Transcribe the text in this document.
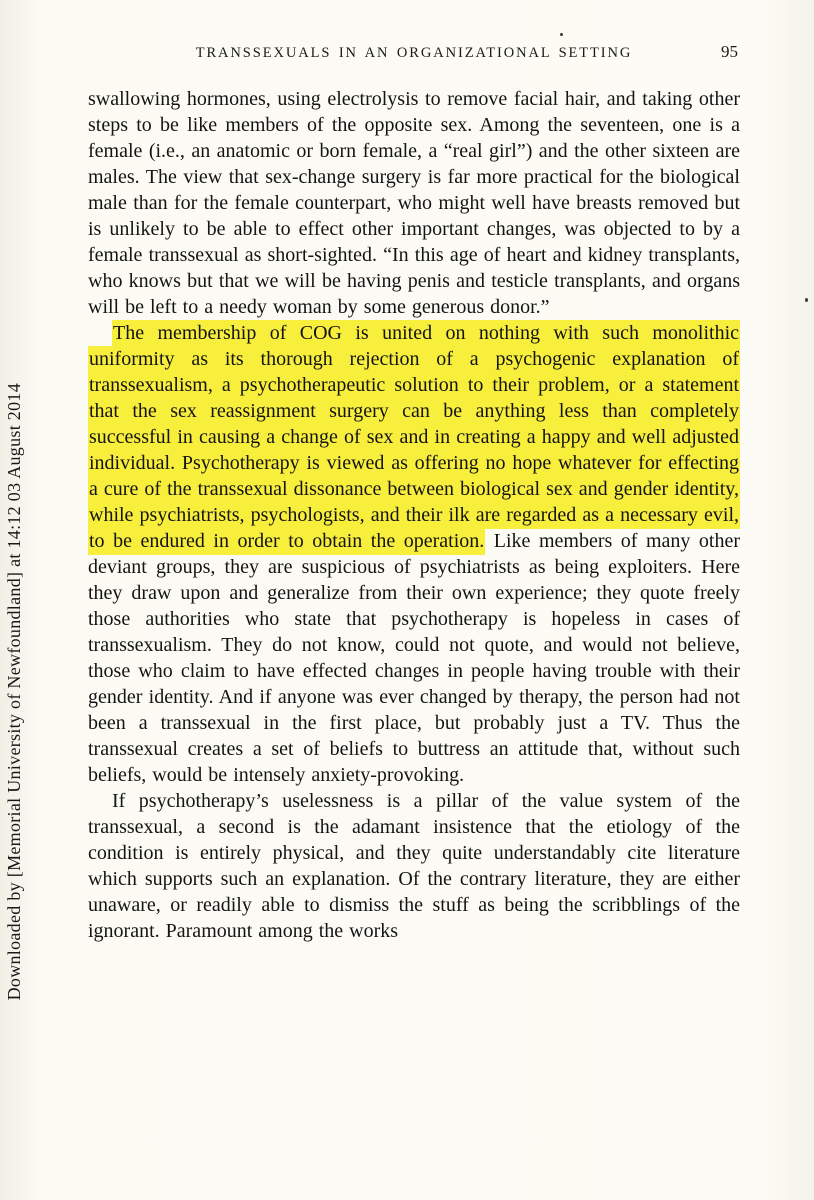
Downloaded by [Memorial University of Newfoundland] at 14:12 03 August 2014
TRANSSEXUALS IN AN ORGANIZATIONAL SETTING	95

swallowing hormones, using electrolysis to remove facial hair, and taking other steps to be like members of the opposite sex. Among the seventeen, one is a female (i.e., an anatomic or born female, a “real girl”) and the other sixteen are males. The view that sex-change surgery is far more practical for the biological male than for the female counterpart, who might well have breasts removed but is unlikely to be able to effect other important changes, was objected to by a female transsexual as short-sighted. “In this age of heart and kidney transplants, who knows but that we will be having penis and testicle transplants, and organs will be left to a needy woman by some generous donor.”

The membership of COG is united on nothing with such monolithic uniformity as its thorough rejection of a psychogenic explanation of transsexualism, a psychotherapeutic solution to their problem, or a statement that the sex reassignment surgery can be anything less than completely successful in causing a change of sex and in creating a happy and well adjusted individual. Psychotherapy is viewed as offering no hope whatever for effecting a cure of the transsexual dissonance between biological sex and gender identity, while psychiatrists, psychologists, and their ilk are regarded as a necessary evil, to be endured in order to obtain the operation. Like members of many other deviant groups, they are suspicious of psychiatrists as being exploiters. Here they draw upon and generalize from their own experience; they quote freely those authorities who state that psychotherapy is hopeless in cases of transsexualism. They do not know, could not quote, and would not believe, those who claim to have effected changes in people having trouble with their gender identity. And if anyone was ever changed by therapy, the person had not been a transsexual in the first place, but probably just a TV. Thus the transsexual creates a set of beliefs to buttress an attitude that, without such beliefs, would be intensely anxiety-provoking.

If psychotherapy’s uselessness is a pillar of the value system of the transsexual, a second is the adamant insistence that the etiology of the condition is entirely physical, and they quite understandably cite literature which supports such an explanation. Of the contrary literature, they are either unaware, or readily able to dismiss the stuff as being the scribblings of the ignorant. Paramount among the works
